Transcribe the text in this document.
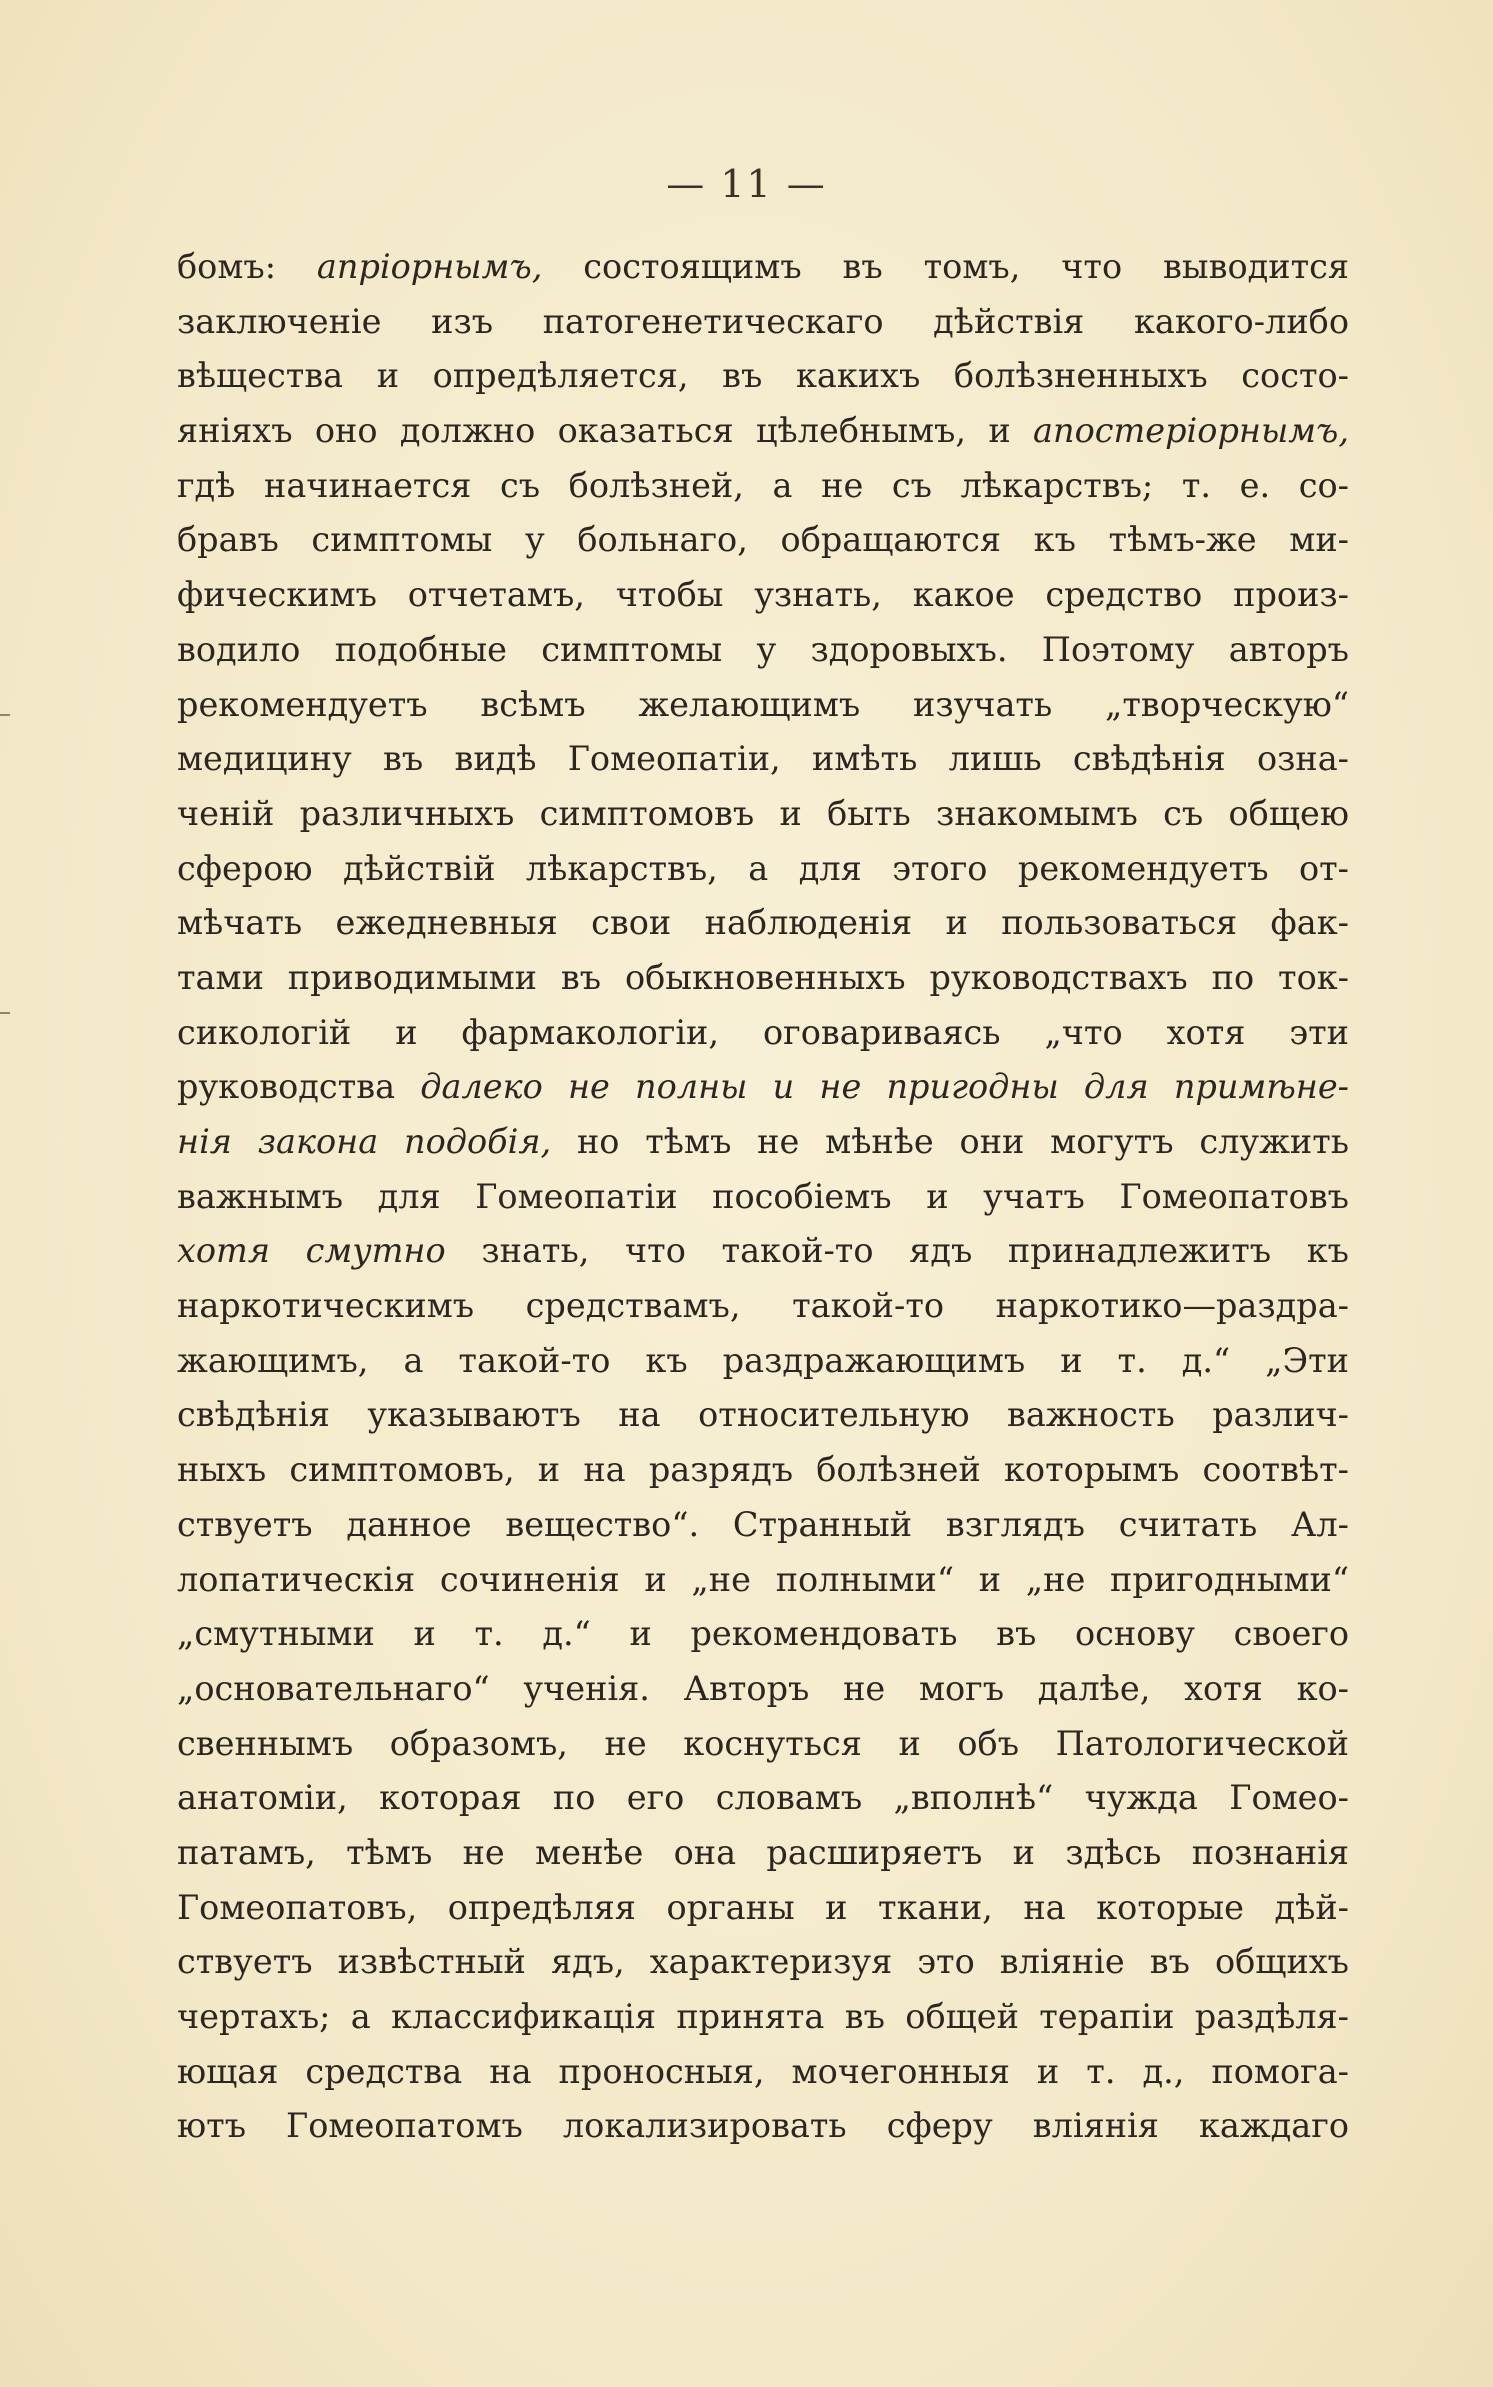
— 11 —
бомъ: апріорнымъ, состоящимъ въ томъ, что выводится
заключеніе изъ патогенетическаго дѣйствія какого-либо
вѣщества и опредѣляется, въ какихъ болѣзненныхъ состо-
яніяхъ оно должно оказаться цѣлебнымъ, и апостеріорнымъ,
гдѣ начинается съ болѣзней, а не съ лѣкарствъ; т. е. со-
бравъ симптомы у больнаго, обращаются къ тѣмъ-же ми-
фическимъ отчетамъ, чтобы узнать, какое средство произ-
водило подобные симптомы у здоровыхъ. Поэтому авторъ
рекомендуетъ всѣмъ желающимъ изучать „творческую“
медицину въ видѣ Гомеопатіи, имѣть лишь свѣдѣнія озна-
ченій различныхъ симптомовъ и быть знакомымъ съ общею
сферою дѣйствій лѣкарствъ, а для этого рекомендуетъ от-
мѣчать ежедневныя свои наблюденія и пользоваться фак-
тами приводимыми въ обыкновенныхъ руководствахъ по ток-
сикологій и фармакологіи, оговариваясь „что хотя эти
руководства далеко не полны и не пригодны для примѣне-
нія закона подобія, но тѣмъ не мѣнѣе они могутъ служить
важнымъ для Гомеопатіи пособіемъ и учатъ Гомеопатовъ
хотя смутно знать, что такой-то ядъ принадлежитъ къ
наркотическимъ средствамъ, такой-то наркотико—раздра-
жающимъ, а такой-то къ раздражающимъ и т. д.“ „Эти
свѣдѣнія указываютъ на относительную важность различ-
ныхъ симптомовъ, и на разрядъ болѣзней которымъ соотвѣт-
ствуетъ данное вещество“. Странный взглядъ считать Ал-
лопатическія сочиненія и „не полными“ и „не пригодными“
„смутными и т. д.“ и рекомендовать въ основу своего
„основательнаго“ ученія. Авторъ не могъ далѣе, хотя ко-
свеннымъ образомъ, не коснуться и объ Патологической
анатоміи, которая по его словамъ „вполнѣ“ чужда Гомео-
патамъ, тѣмъ не менѣе она расширяетъ и здѣсь познанія
Гомеопатовъ, опредѣляя органы и ткани, на которые дѣй-
ствуетъ извѣстный ядъ, характеризуя это вліяніе въ общихъ
чертахъ; а классификація принята въ общей терапіи раздѣля-
ющая средства на проносныя, мочегонныя и т. д., помога-
ютъ Гомеопатомъ локализировать сферу вліянія каждаго
